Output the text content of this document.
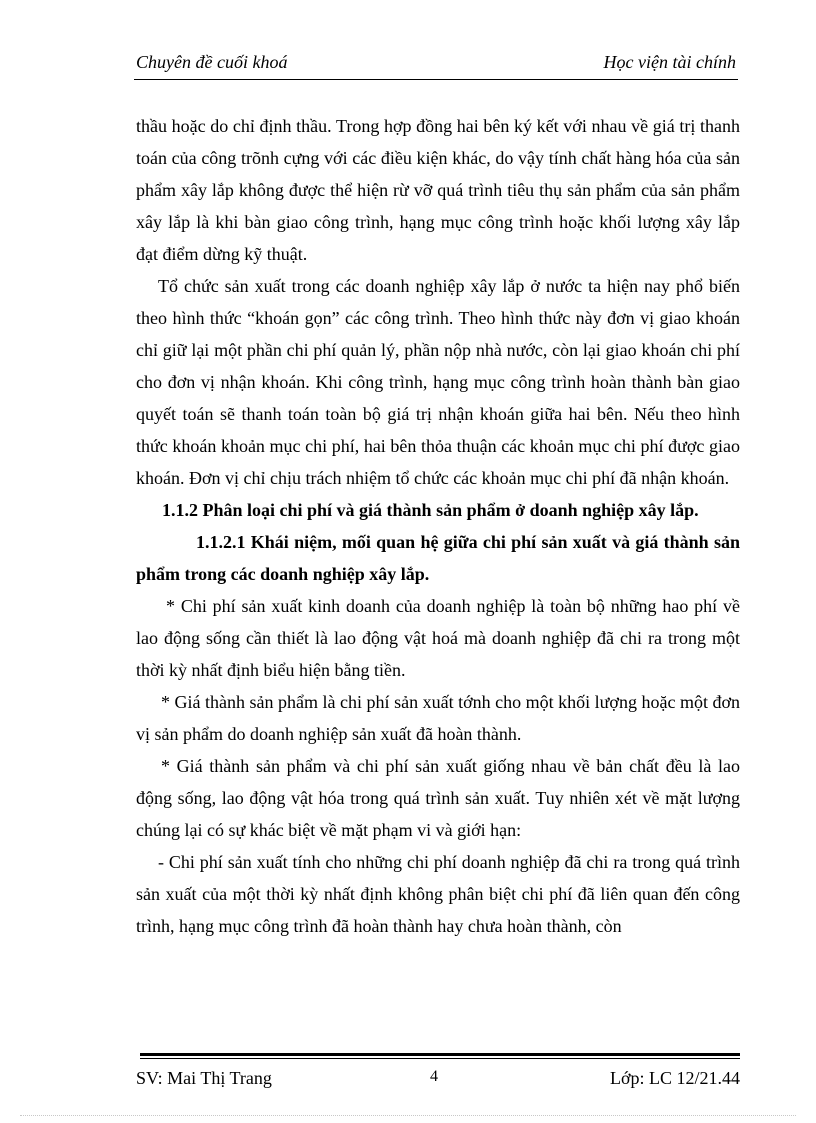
Chuyên đề cuối khoá	Học viện tài chính

thầu hoặc do chỉ định thầu. Trong hợp đồng hai bên ký kết với nhau về giá trị thanh toán của công trõnh cựng với các điều kiện khác, do vậy tính chất hàng hóa của sản phẩm xây lắp không được thể hiện rừ vỡ quá trình tiêu thụ sản phẩm của sản phẩm xây lắp là khi bàn giao công trình, hạng mục công trình hoặc khối lượng xây lắp đạt điểm dừng kỹ thuật.

Tổ chức sản xuất trong các doanh nghiệp xây lắp ở nước ta hiện nay phổ biến theo hình thức “khoán gọn” các công trình. Theo hình thức này đơn vị giao khoán chỉ giữ lại một phần chi phí quản lý, phần nộp nhà nước, còn lại giao khoán chi phí cho đơn vị nhận khoán. Khi công trình, hạng mục công trình hoàn thành bàn giao quyết toán sẽ thanh toán toàn bộ giá trị nhận khoán giữa hai bên. Nếu theo hình thức khoán khoản mục chi phí, hai bên thỏa thuận các khoản mục chi phí được giao khoán. Đơn vị chỉ chịu trách nhiệm tổ chức các khoản mục chi phí đã nhận khoán.

1.1.2 Phân loại chi phí và giá thành sản phẩm ở doanh nghiệp xây lắp.

1.1.2.1 Khái niệm, mối quan hệ giữa chi phí sản xuất và giá thành sản phẩm trong các doanh nghiệp xây lắp.

* Chi phí sản xuất kinh doanh của doanh nghiệp là toàn bộ những hao phí về lao động sống cần thiết là lao động vật hoá mà doanh nghiệp đã chi ra trong một thời kỳ nhất định biểu hiện bằng tiền.

* Giá thành sản phẩm là chi phí sản xuất tớnh cho một khối lượng hoặc một đơn vị sản phẩm do doanh nghiệp sản xuất đã hoàn thành.

* Giá thành sản phẩm và chi phí sản xuất giống nhau về bản chất đều là lao động sống, lao động vật hóa trong quá trình sản xuất. Tuy nhiên xét về mặt lượng chúng lại có sự khác biệt về mặt phạm vi và giới hạn:

- Chi phí sản xuất tính cho những chi phí doanh nghiệp đã chi ra trong quá trình sản xuất của một thời kỳ nhất định không phân biệt chi phí đã liên quan đến công trình, hạng mục công trình đã hoàn thành hay chưa hoàn thành, còn

SV: Mai Thị Trang	4	Lớp: LC 12/21.44
